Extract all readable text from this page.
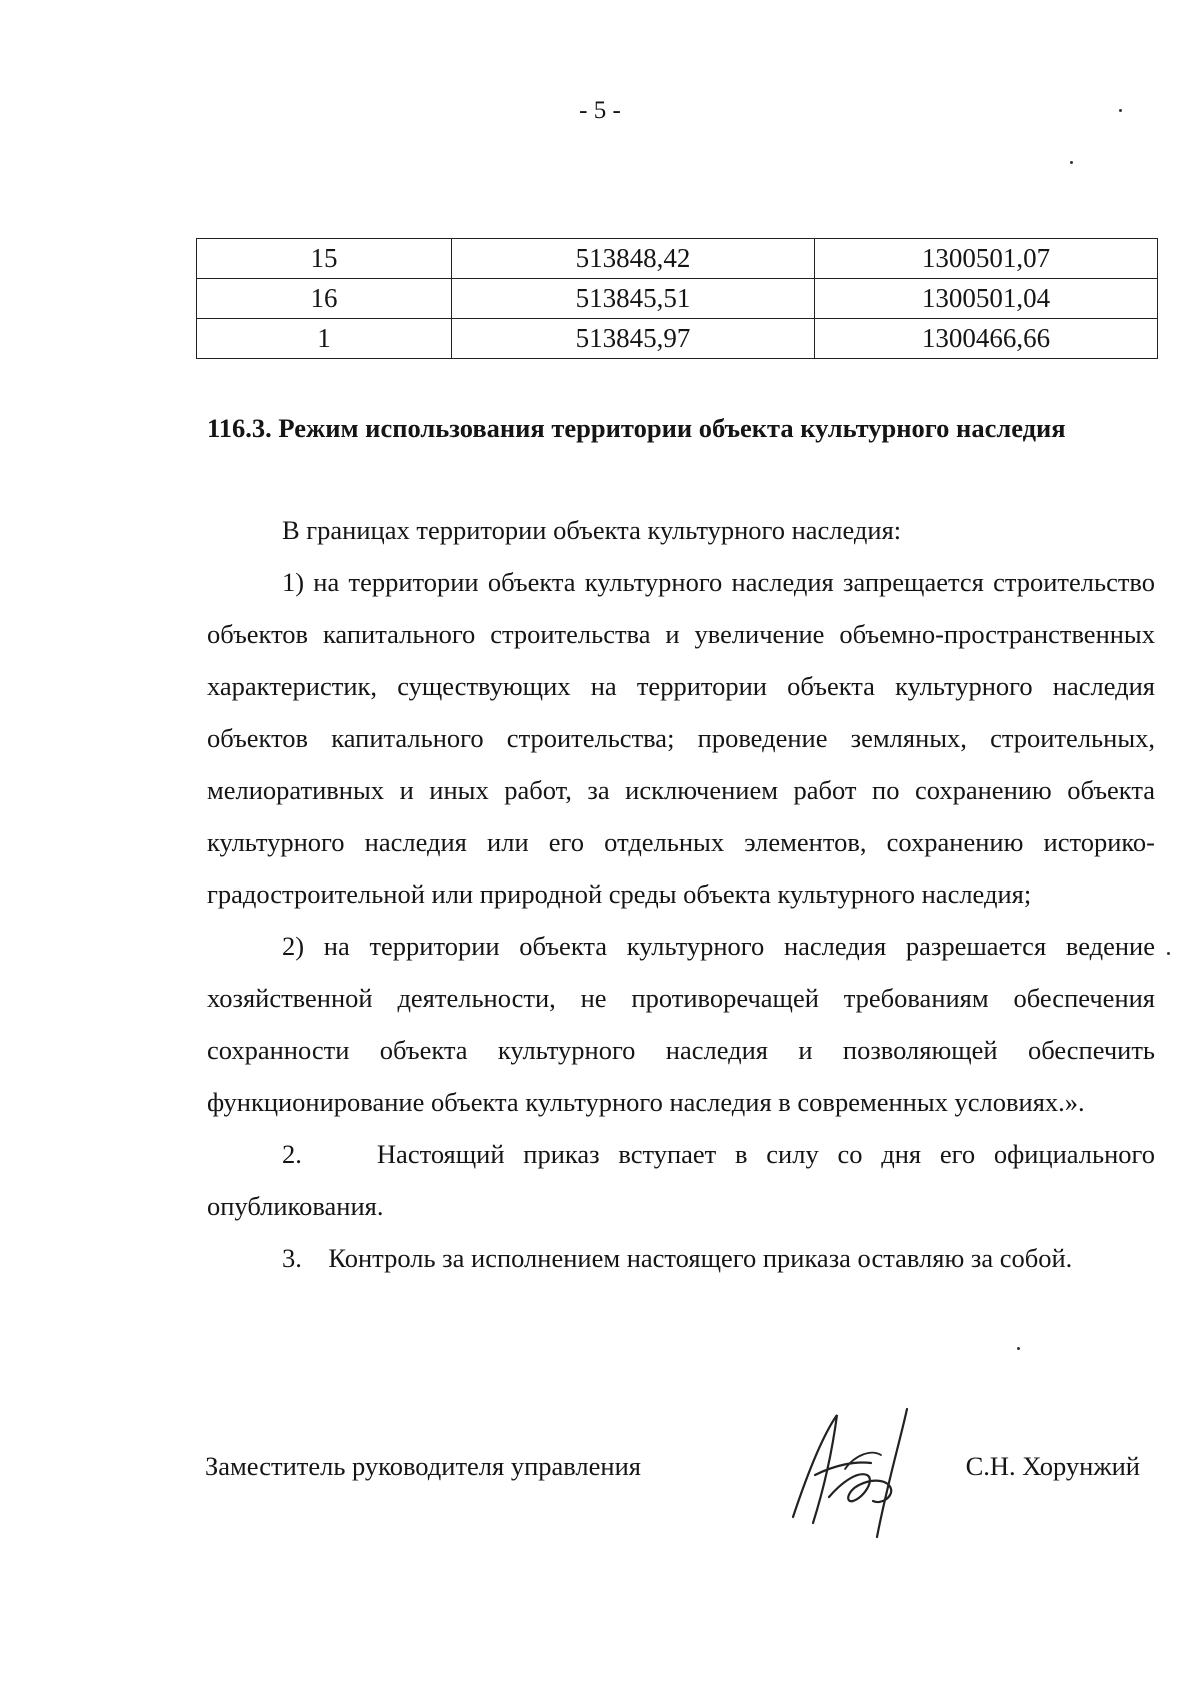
- 5 -
15	513848,42	1300501,07
16	513845,51	1300501,04
1	513845,97	1300466,66
116.3. Режим использования территории объекта культурного наследия

В границах территории объекта культурного наследия:

1) на территории объекта культурного наследия запрещается строительство объектов капитального строительства и увеличение объемно-пространственных характеристик, существующих на территории объекта культурного наследия объектов капитального строительства; проведение земляных, строительных, мелиоративных и иных работ, за исключением работ по сохранению объекта культурного наследия или его отдельных элементов, сохранению историко-градостроительной или природной среды объекта культурного наследия;

2) на территории объекта культурного наследия разрешается ведение хозяйственной деятельности, не противоречащей требованиям обеспечения сохранности объекта культурного наследия и позволяющей обеспечить функционирование объекта культурного наследия в современных условиях.».

2.    Настоящий приказ вступает в силу со дня его официального опубликования.

3.    Контроль за исполнением настоящего приказа оставляю за собой.

Заместитель руководителя управления	С.Н. Хорунжий
